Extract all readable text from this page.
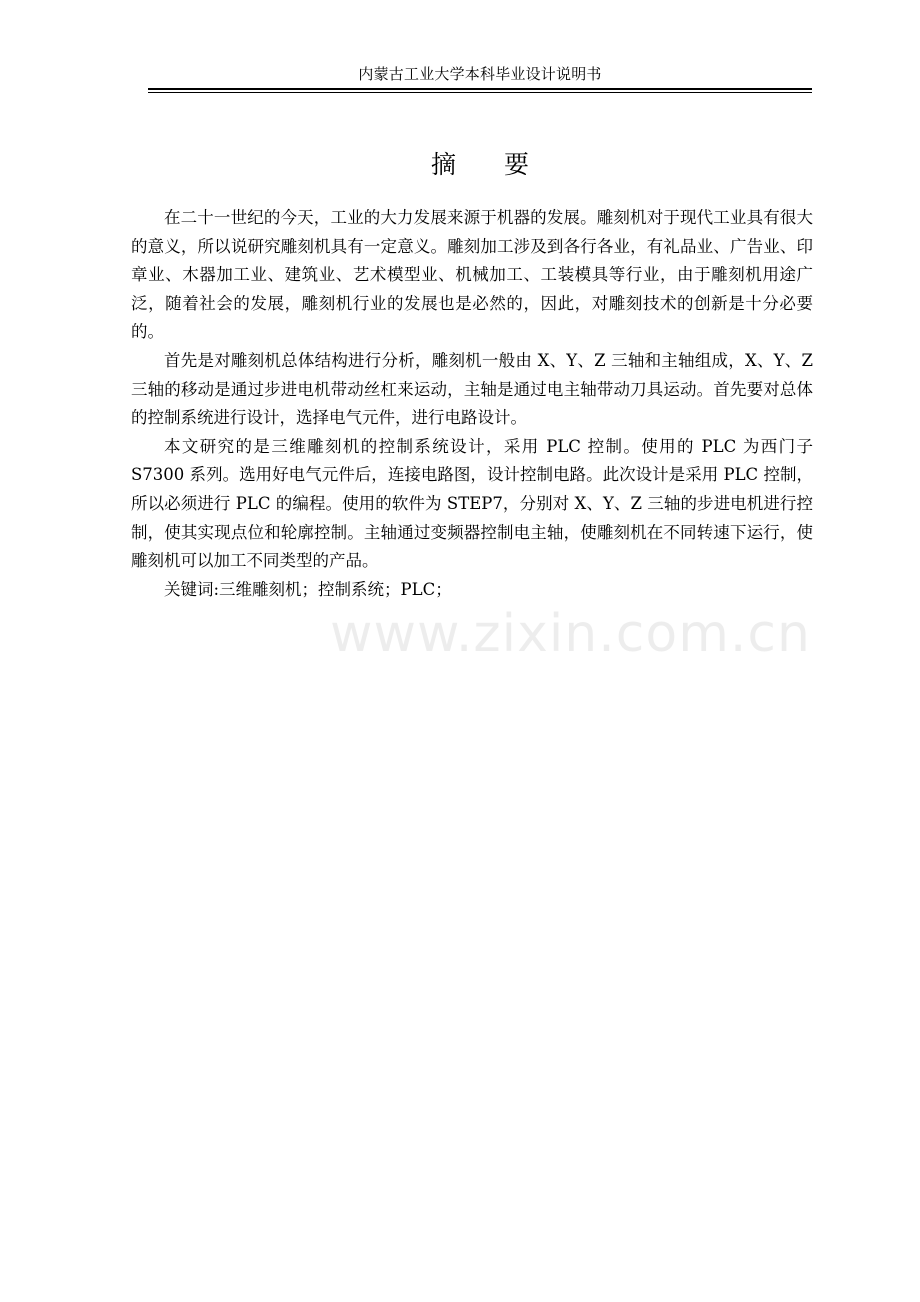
内蒙古工业大学本科毕业设计说明书
摘 要

在二十一世纪的今天，工业的大力发展来源于机器的发展。雕刻机对于现代工业具有很大的意义，所以说研究雕刻机具有一定意义。雕刻加工涉及到各行各业，有礼品业、广告业、印章业、木器加工业、建筑业、艺术模型业、机械加工、工装模具等行业，由于雕刻机用途广泛，随着社会的发展，雕刻机行业的发展也是必然的，因此，对雕刻技术的创新是十分必要的。

首先是对雕刻机总体结构进行分析，雕刻机一般由 X、Y、Z 三轴和主轴组成，X、Y、Z 三轴的移动是通过步进电机带动丝杠来运动，主轴是通过电主轴带动刀具运动。首先要对总体的控制系统进行设计，选择电气元件，进行电路设计。

本文研究的是三维雕刻机的控制系统设计，采用 PLC 控制。使用的 PLC 为西门子 S7300 系列。选用好电气元件后，连接电路图，设计控制电路。此次设计是采用 PLC 控制，所以必须进行 PLC 的编程。使用的软件为 STEP7，分别对 X、Y、Z 三轴的步进电机进行控制，使其实现点位和轮廓控制。主轴通过变频器控制电主轴，使雕刻机在不同转速下运行，使雕刻机可以加工不同类型的产品。

关键词:三维雕刻机；控制系统；PLC；

www.zixin.com.cn
